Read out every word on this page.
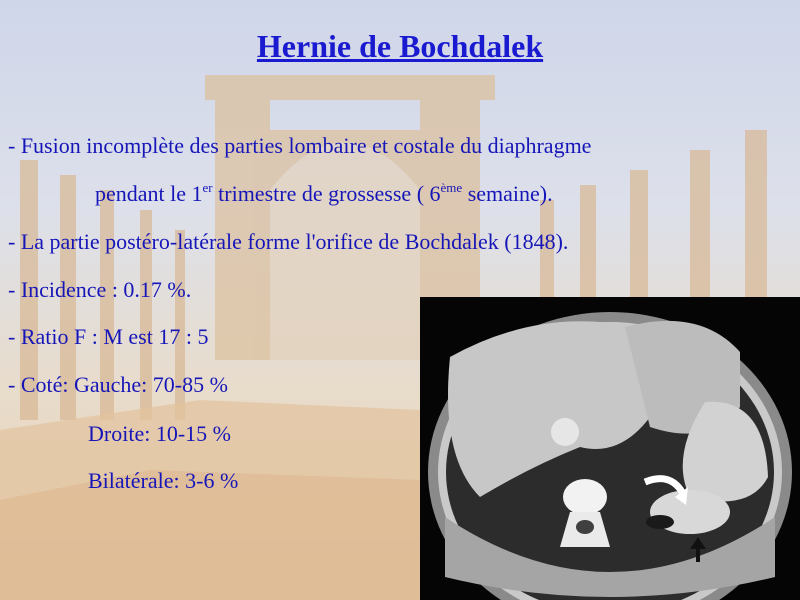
Hernie de Bochdalek
- Fusion incomplète des parties lombaire et costale du diaphragme
pendant le 1er trimestre de grossesse ( 6ème semaine).
- La partie postéro-latérale forme l'orifice de Bochdalek (1848).
- Incidence : 0.17 %.
- Ratio F : M est 17 : 5
- Coté: Gauche: 70-85 %
Droite: 10-15 %
Bilatérale: 3-6 %
